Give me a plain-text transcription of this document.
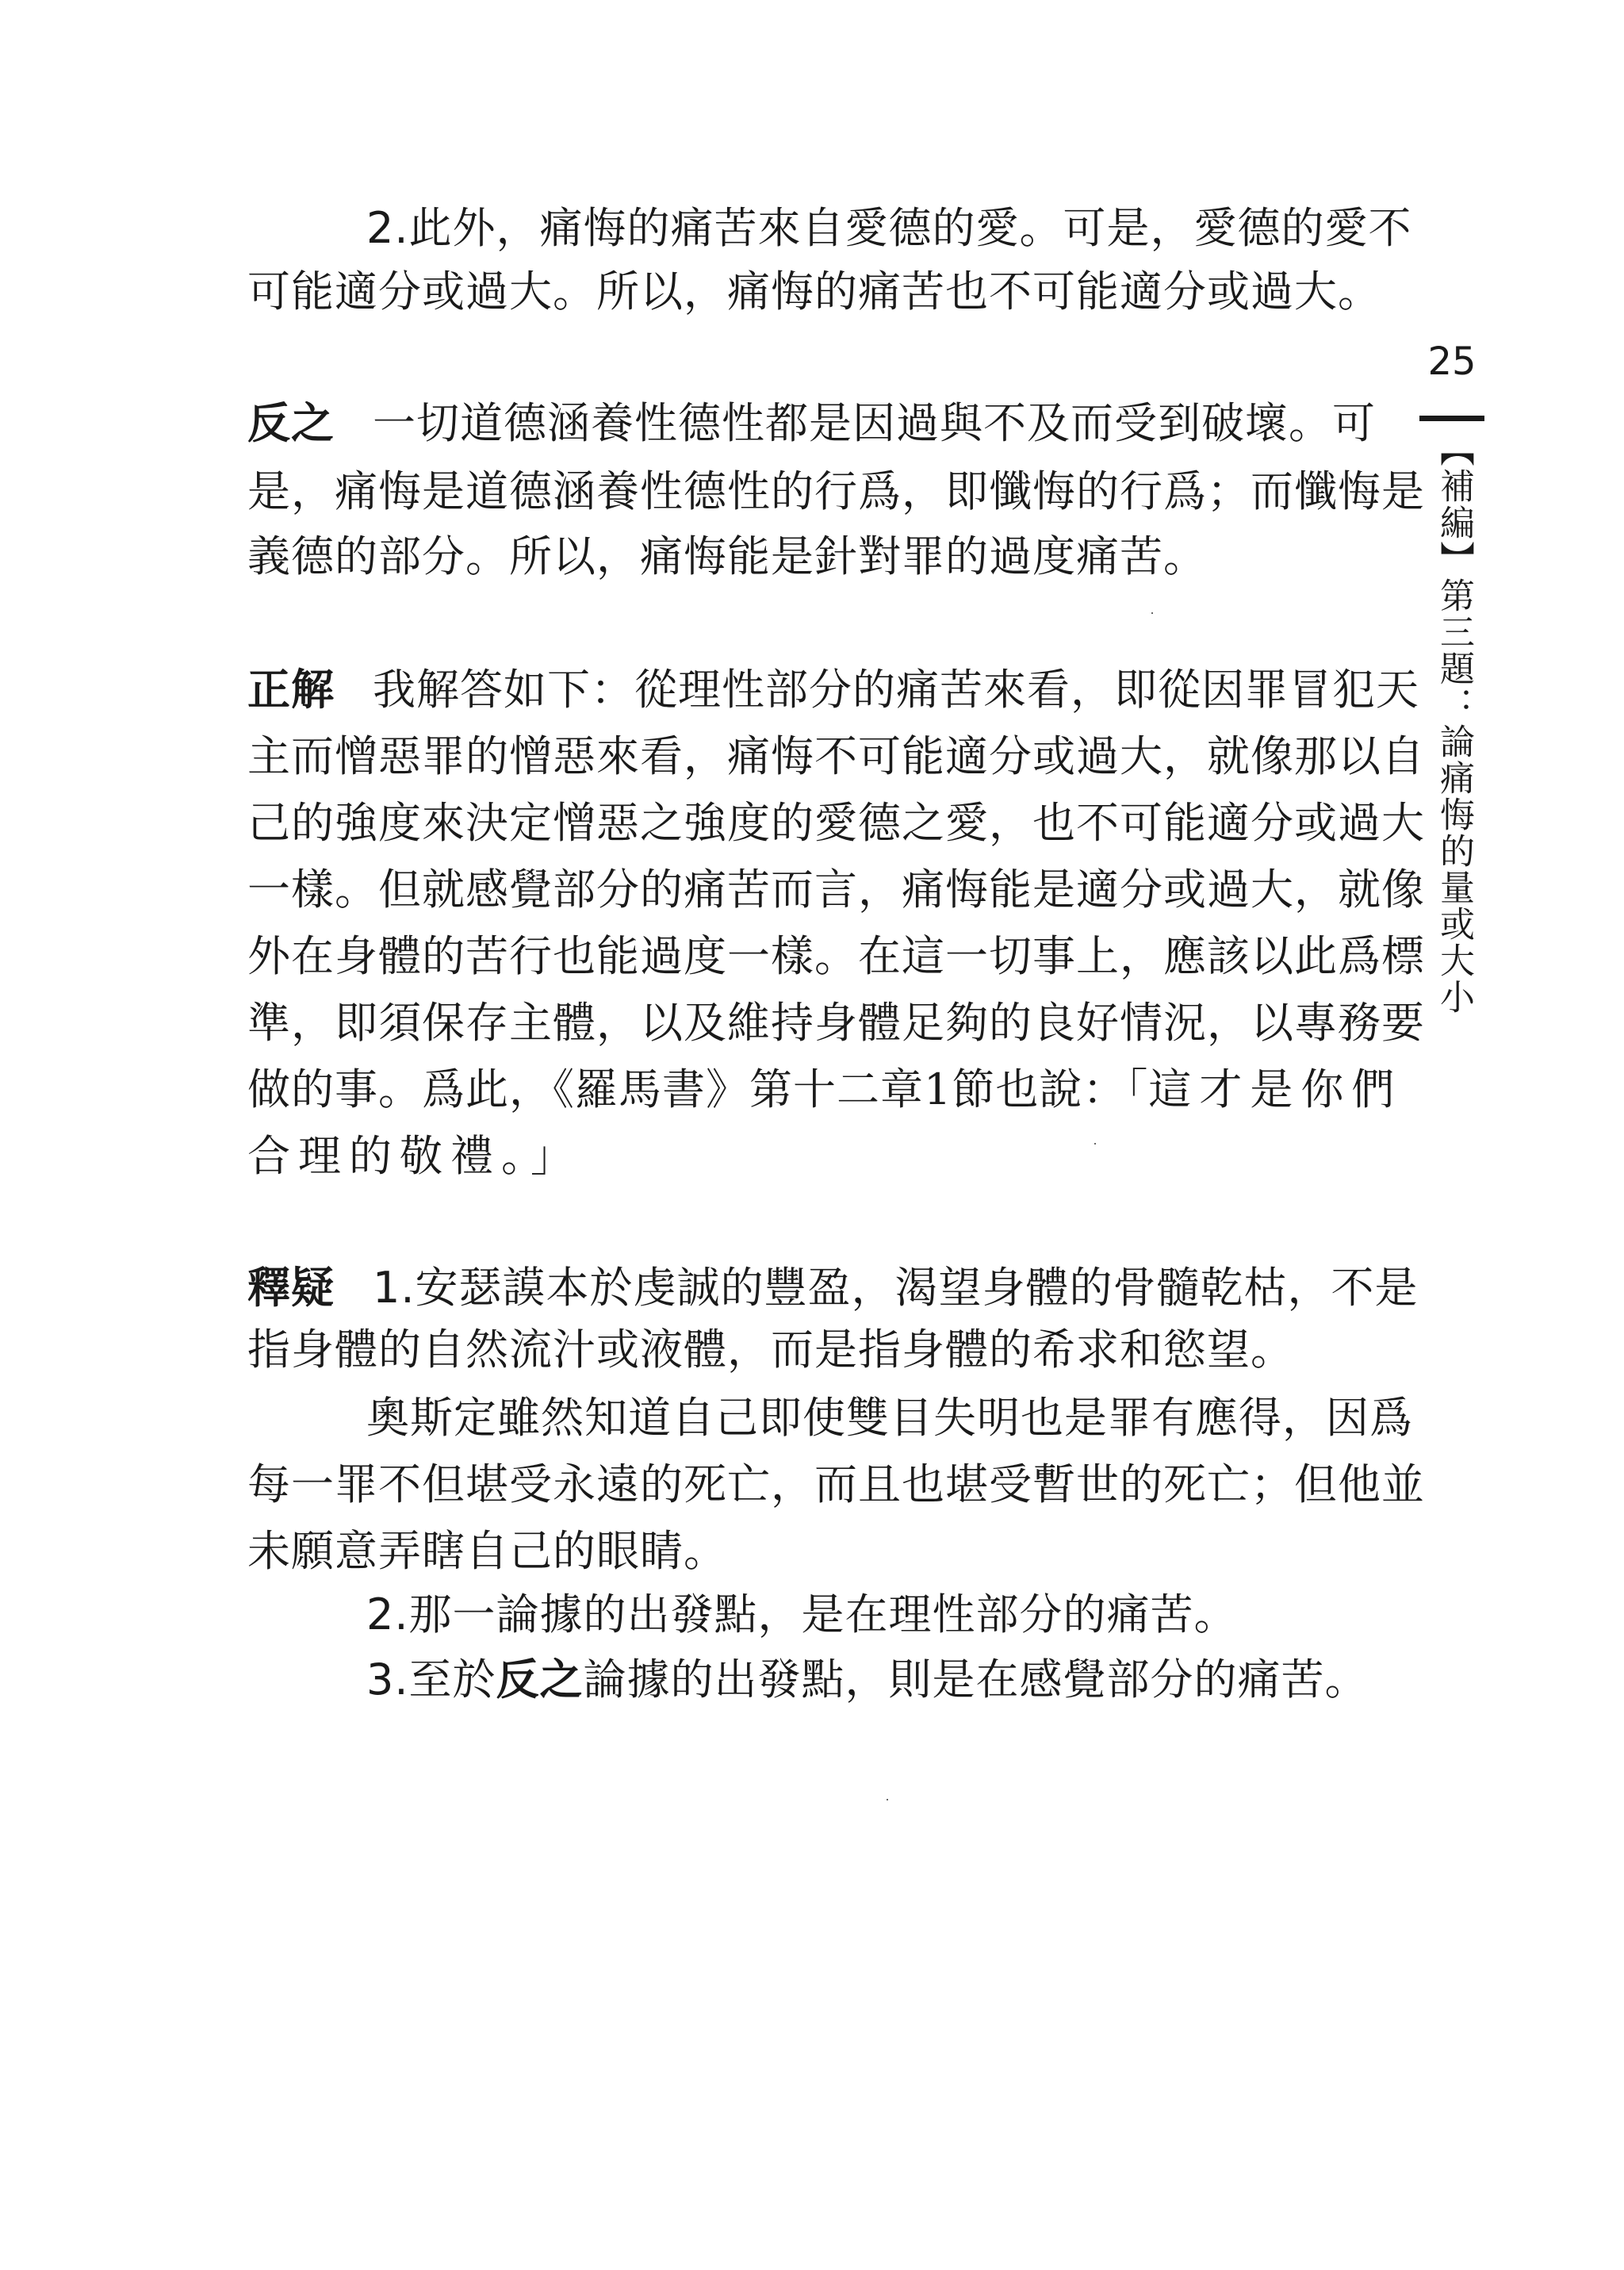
25
【補編】第三題：論痛悔的量或大小
2.此外，痛悔的痛苦來自愛德的愛。可是，愛德的愛不
可能適分或過大。所以，痛悔的痛苦也不可能適分或過大。
反之 一切道德涵養性德性都是因過與不及而受到破壞。可
是，痛悔是道德涵養性德性的行爲，即懺悔的行爲；而懺悔是
義德的部分。所以，痛悔能是針對罪的過度痛苦。
正解 我解答如下：從理性部分的痛苦來看，即從因罪冒犯天
主而憎惡罪的憎惡來看，痛悔不可能適分或過大，就像那以自
己的強度來決定憎惡之強度的愛德之愛，也不可能適分或過大
一樣。但就感覺部分的痛苦而言，痛悔能是適分或過大，就像
外在身體的苦行也能過度一樣。在這一切事上，應該以此爲標
準，即須保存主體，以及維持身體足夠的良好情況，以專務要
做的事。爲此，《羅馬書》第十二章1節也說：「這才是你們
合理的敬禮。」
釋疑 1.安瑟謨本於虔誠的豐盈，渴望身體的骨髓乾枯，不是
指身體的自然流汁或液體，而是指身體的希求和慾望。
奧斯定雖然知道自己即使雙目失明也是罪有應得，因爲
每一罪不但堪受永遠的死亡，而且也堪受暫世的死亡；但他並
未願意弄瞎自己的眼睛。
2.那一論據的出發點，是在理性部分的痛苦。
3.至於反之論據的出發點，則是在感覺部分的痛苦。
